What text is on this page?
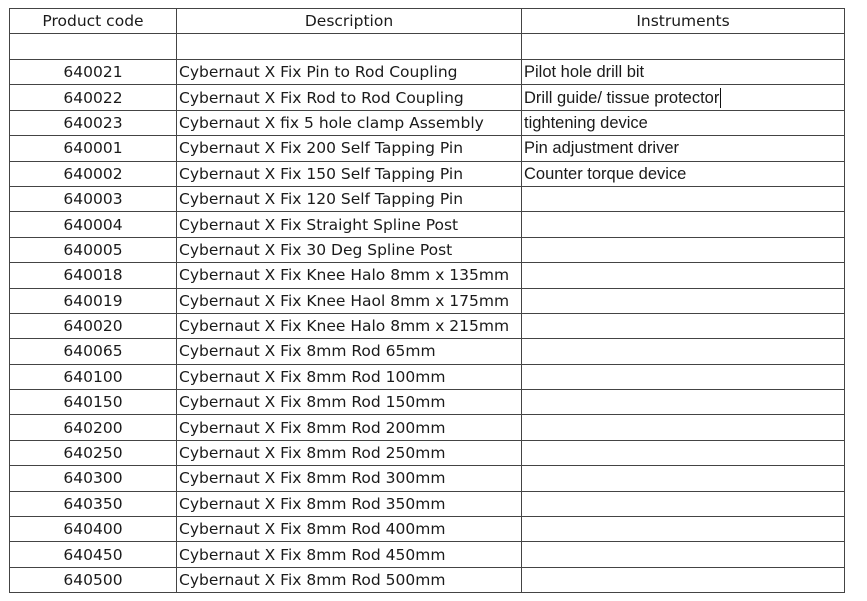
Product code	Description	Instruments

640021	Cybernaut X Fix Pin to Rod Coupling	Pilot hole drill bit
640022	Cybernaut X Fix Rod to Rod Coupling	Drill guide/ tissue protector
640023	Cybernaut X fix 5 hole clamp Assembly	tightening device
640001	Cybernaut X Fix 200 Self Tapping Pin	Pin adjustment driver
640002	Cybernaut X Fix 150 Self Tapping Pin	Counter torque device
640003	Cybernaut X Fix 120 Self Tapping Pin	
640004	Cybernaut X Fix Straight Spline Post	
640005	Cybernaut X Fix 30 Deg Spline Post	
640018	Cybernaut X Fix Knee Halo 8mm x 135mm	
640019	Cybernaut X Fix Knee Haol 8mm x 175mm	
640020	Cybernaut X Fix Knee Halo 8mm x 215mm	
640065	Cybernaut X Fix 8mm Rod 65mm	
640100	Cybernaut X Fix 8mm Rod 100mm	
640150	Cybernaut X Fix 8mm Rod 150mm	
640200	Cybernaut X Fix 8mm Rod 200mm	
640250	Cybernaut X Fix 8mm Rod 250mm	
640300	Cybernaut X Fix 8mm Rod 300mm	
640350	Cybernaut X Fix 8mm Rod 350mm	
640400	Cybernaut X Fix 8mm Rod 400mm	
640450	Cybernaut X Fix 8mm Rod 450mm	
640500	Cybernaut X Fix 8mm Rod 500mm	
